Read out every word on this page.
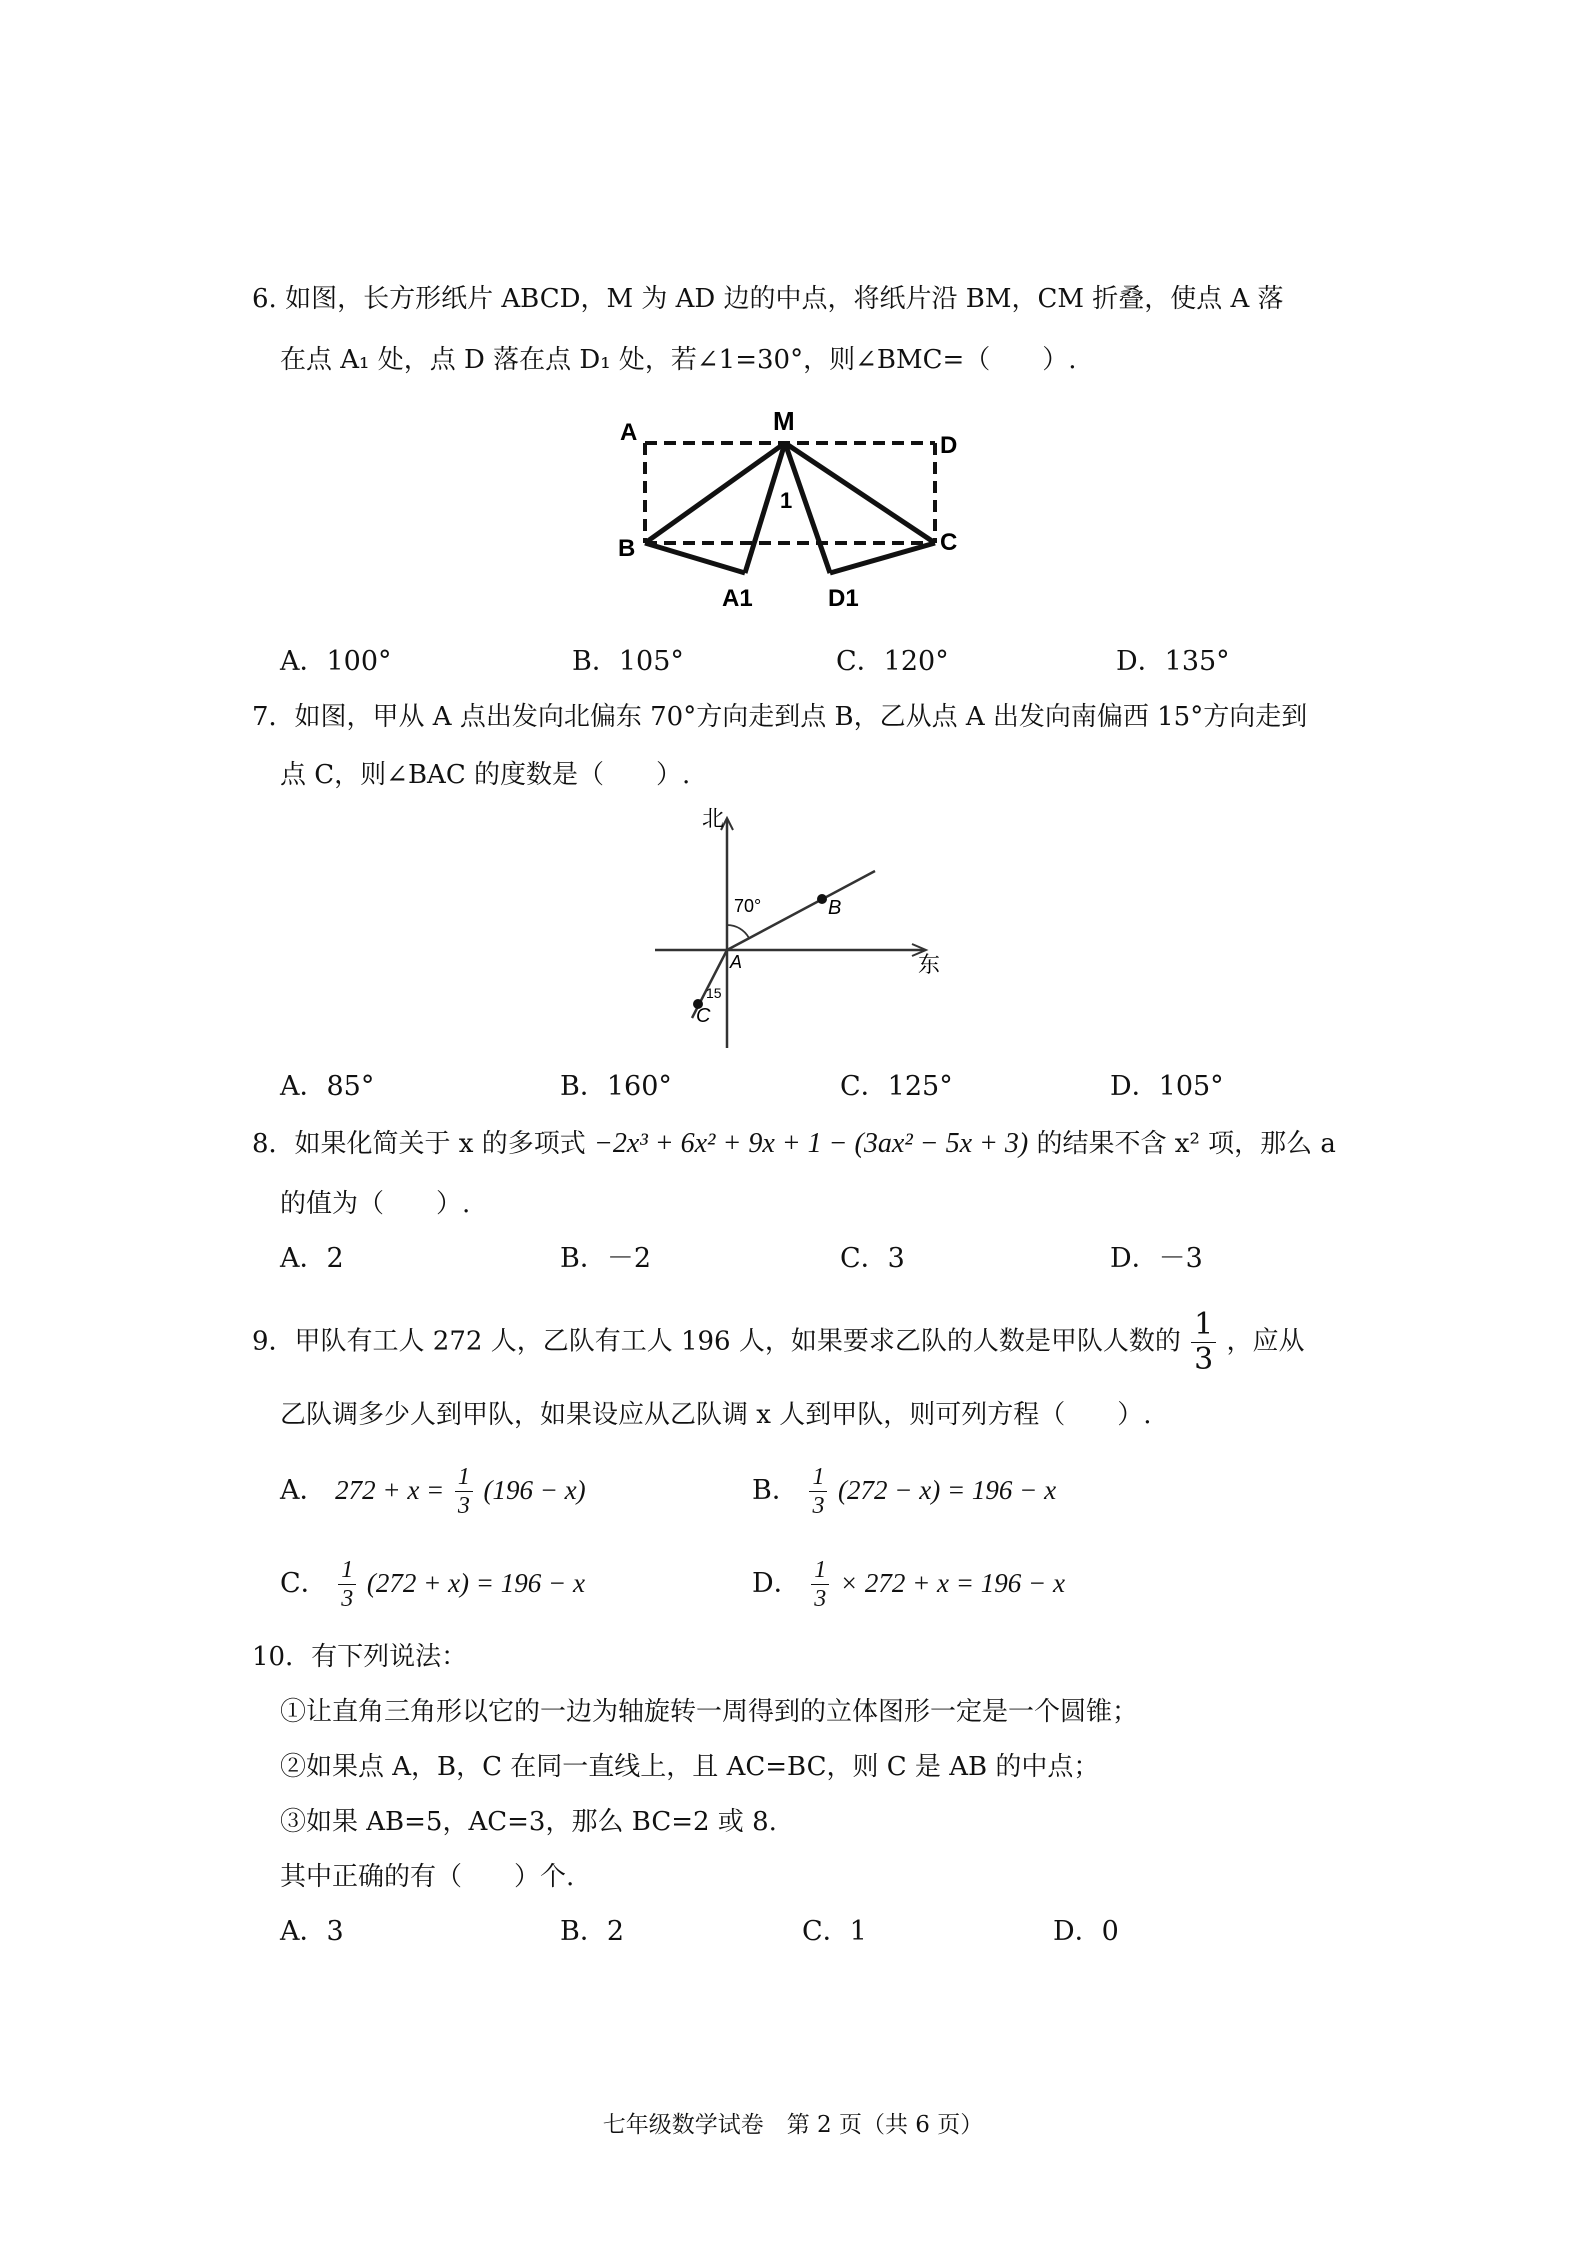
6. 如图，长方形纸片 ABCD，M 为 AD 边的中点，将纸片沿 BM，CM 折叠，使点 A 落
在点 A₁ 处，点 D 落在点 D₁ 处，若∠1=30°，则∠BMC=（　　）.
A	M
D
B	C
A1	D1
1
A．100°	B．105°	C．120°	D．135°
7．如图，甲从 A 点出发向北偏东 70°方向走到点 B，乙从点 A 出发向南偏西 15°方向走到
点 C，则∠BAC 的度数是（　　）.
北
东
70°	B
A
C
15
A．85°	B．160°	C．125°	D．105°
8．如果化简关于 x 的多项式 −2x³ + 6x² + 9x + 1 − (3ax² − 5x + 3) 的结果不含 x² 项，那么 a
的值为（　　）.
A．2	B．－2	C．3	D．－3
9．甲队有工人 272 人，乙队有工人 196 人，如果要求乙队的人数是甲队人数的 $\frac{1}{3}$ ，应从
乙队调多少人到甲队，如果设应从乙队调 x 人到甲队，则可列方程（　　）.
A． $272 + x = \frac{1}{3} (196 - x)$	B． $\frac{1}{3} (272 - x) = 196 - x$
C． $\frac{1}{3} (272 + x) = 196 - x$	D． $\frac{1}{3} \times 272 + x = 196 - x$
10．有下列说法：
①让直角三角形以它的一边为轴旋转一周得到的立体图形一定是一个圆锥；
②如果点 A，B，C 在同一直线上，且 AC=BC，则 C 是 AB 的中点；
③如果 AB=5，AC=3，那么 BC=2 或 8.
其中正确的有（　　）个.
A．3	B．2	C．1	D．0
七年级数学试卷　第 2 页（共 6 页）
